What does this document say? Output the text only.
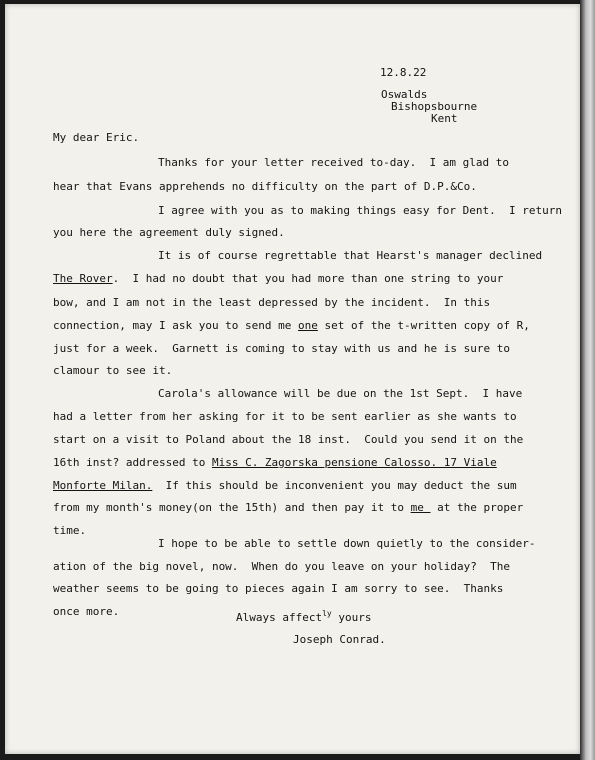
12.8.22
Oswalds
Bishopsbourne
Kent
My dear Eric.
Thanks for your letter received to-day.  I am glad to
hear that Evans apprehends no difficulty on the part of D.P.&Co.
I agree with you as to making things easy for Dent.  I return
you here the agreement duly signed.
It is of course regrettable that Hearst's manager declined
The Rover.  I had no doubt that you had more than one string to your
bow, and I am not in the least depressed by the incident.  In this
connection, may I ask you to send me one set of the t-written copy of R,
just for a week.  Garnett is coming to stay with us and he is sure to
clamour to see it.
Carola's allowance will be due on the 1st Sept.  I have
had a letter from her asking for it to be sent earlier as she wants to
start on a visit to Poland about the 18 inst.  Could you send it on the
16th inst? addressed to Miss C. Zagorska pensione Calosso. 17 Viale
Monforte Milan.  If this should be inconvenient you may deduct the sum
from my month's money(on the 15th) and then pay it to me  at the proper
time.
I hope to be able to settle down quietly to the consider-
ation of the big novel, now.  When do you leave on your holiday?  The
weather seems to be going to pieces again I am sorry to see.  Thanks
once more.	Always affect$^{ly}$ yours
Joseph Conrad.
